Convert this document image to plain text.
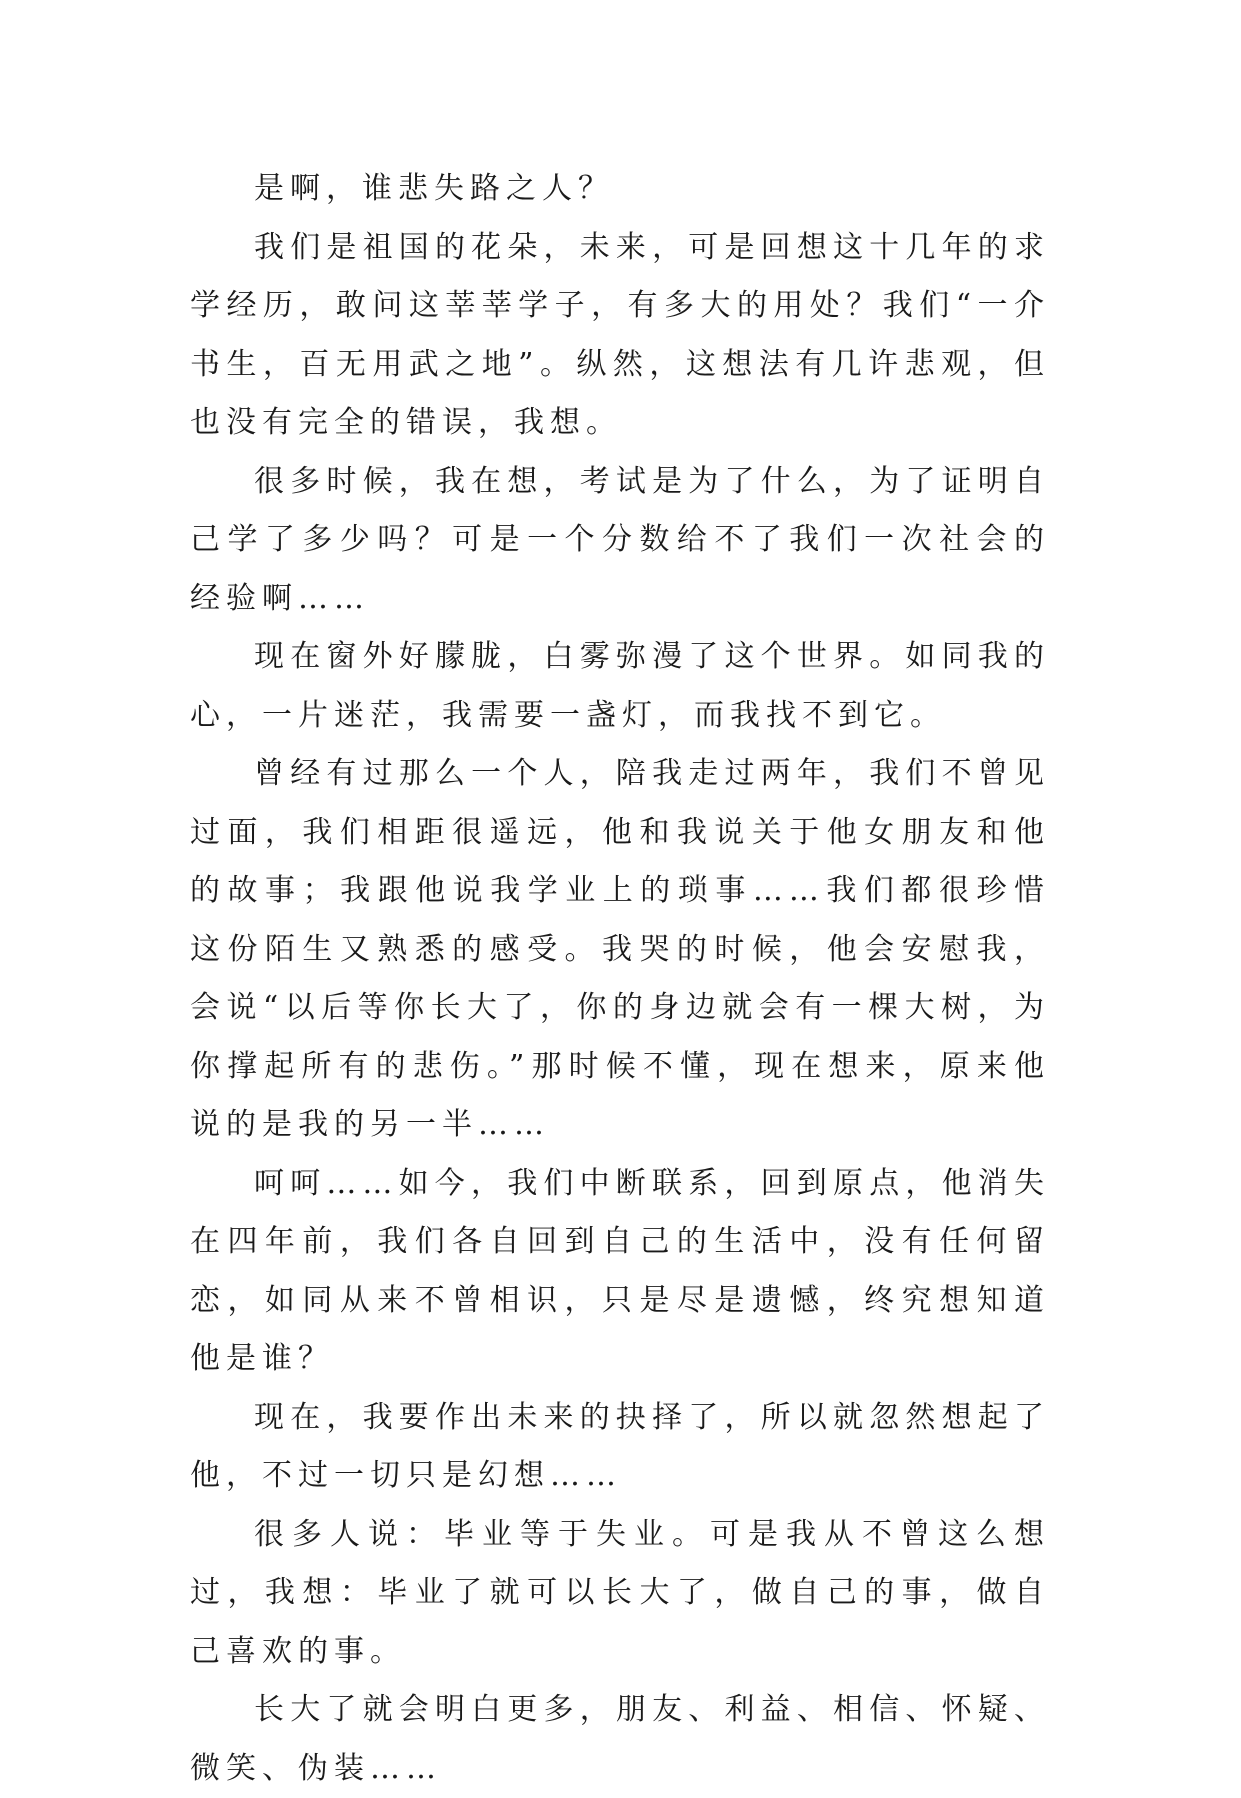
是啊，谁悲失路之人？

我们是祖国的花朵，未来，可是回想这十几年的求学经历，敢问这莘莘学子，有多大的用处？我们“一介书生，百无用武之地”。纵然，这想法有几许悲观，但也没有完全的错误，我想。

很多时候，我在想，考试是为了什么，为了证明自己学了多少吗？可是一个分数给不了我们一次社会的经验啊……

现在窗外好朦胧，白雾弥漫了这个世界。如同我的心，一片迷茫，我需要一盏灯，而我找不到它。

曾经有过那么一个人，陪我走过两年，我们不曾见过面，我们相距很遥远，他和我说关于他女朋友和他的故事；我跟他说我学业上的琐事……我们都很珍惜这份陌生又熟悉的感受。我哭的时候，他会安慰我，会说“以后等你长大了，你的身边就会有一棵大树，为你撑起所有的悲伤。”那时候不懂，现在想来，原来他说的是我的另一半……

呵呵……如今，我们中断联系，回到原点，他消失在四年前，我们各自回到自己的生活中，没有任何留恋，如同从来不曾相识，只是尽是遗憾，终究想知道他是谁？

现在，我要作出未来的抉择了，所以就忽然想起了他，不过一切只是幻想……

很多人说：毕业等于失业。可是我从不曾这么想过，我想：毕业了就可以长大了，做自己的事，做自己喜欢的事。

长大了就会明白更多，朋友、利益、相信、怀疑、微笑、伪装……
